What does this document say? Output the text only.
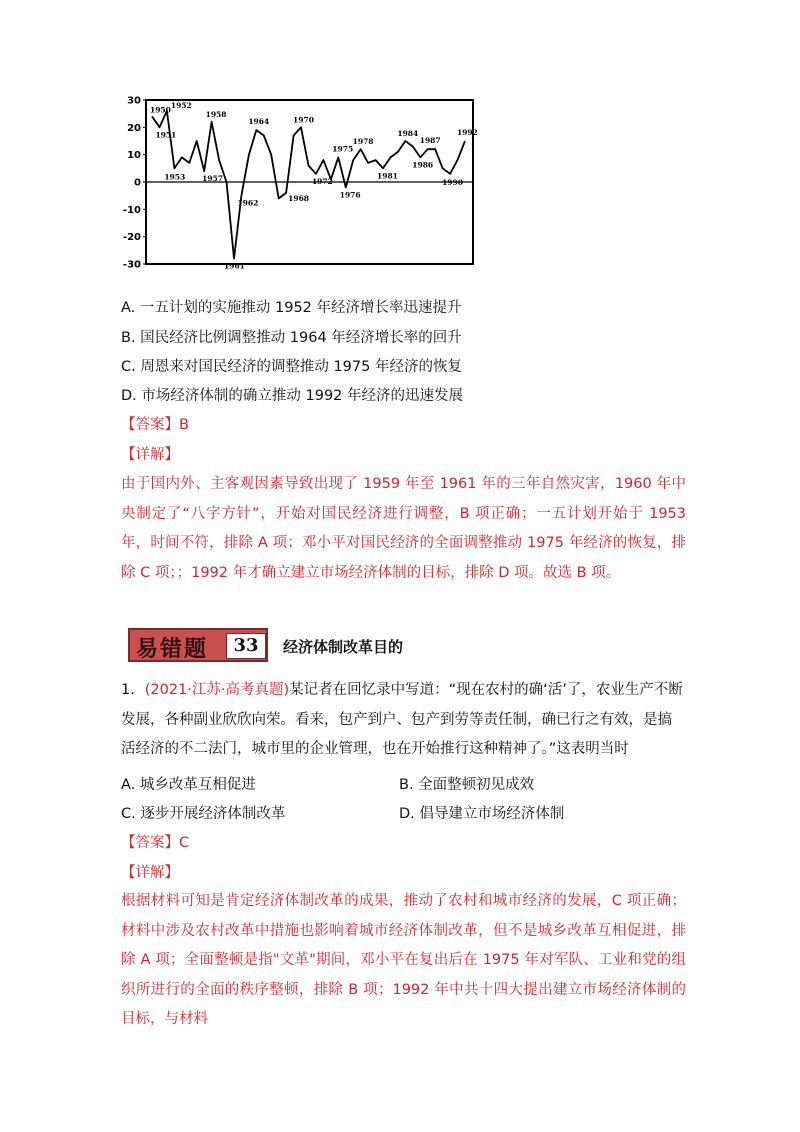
30
20
10
0
-10
-20
-30
1950
1951
1952
1953 1957
1958
1961
1962
1964
1968
1970
1972
1975
1976
1978
1981
1984
1986
1987
1990
1992
A. 一五计划的实施推动 1952 年经济增长率迅速提升
B. 国民经济比例调整推动 1964 年经济增长率的回升
C. 周恩来对国民经济的调整推动 1975 年经济的恢复
D. 市场经济体制的确立推动 1992 年经济的迅速发展
【答案】B
【详解】
由于国内外、主客观因素导致出现了 1959 年至 1961 年的三年自然灾害，1960 年中央制定了“八字方针”，开始对国民经济进行调整，B 项正确；一五计划开始于 1953 年，时间不符，排除 A 项；邓小平对国民经济的全面调整推动 1975 年经济的恢复，排除 C 项；；1992 年才确立建立市场经济体制的目标，排除 D 项。故选 B 项。
易错题	33	经济体制改革目的
1．(2021·江苏·高考真题)某记者在回忆录中写道：“现在农村的确‘活’了，农业生产不断发展，各种副业欣欣向荣。看来，包产到户、包产到劳等责任制，确已行之有效，是搞活经济的不二法门，城市里的企业管理，也在开始推行这种精神了。”这表明当时
A. 城乡改革互相促进	B. 全面整顿初见成效
C. 逐步开展经济体制改革	D. 倡导建立市场经济体制
【答案】C
【详解】
根据材料可知是肯定经济体制改革的成果，推动了农村和城市经济的发展，C 项正确；材料中涉及农村改革中措施也影响着城市经济体制改革，但不是城乡改革互相促进，排除 A 项；全面整顿是指"文革"期间，邓小平在复出后在 1975 年对军队、工业和党的组织所进行的全面的秩序整顿，排除 B 项；1992 年中共十四大提出建立市场经济体制的目标，与材料
